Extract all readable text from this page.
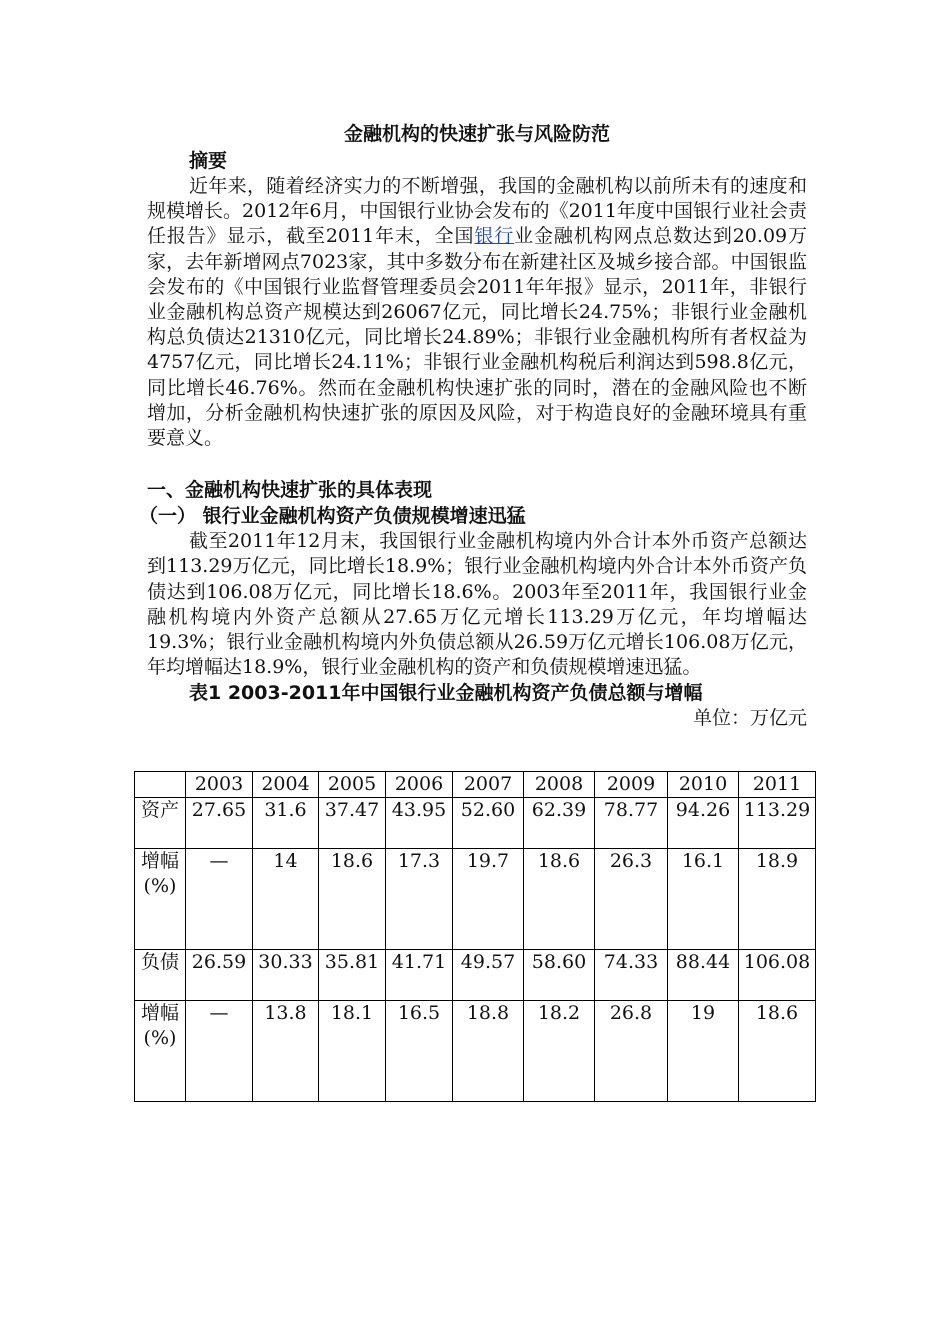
金融机构的快速扩张与风险防范

摘要

近年来，随着经济实力的不断增强，我国的金融机构以前所未有的速度和规模增长。2012年6月，中国银行业协会发布的《2011年度中国银行业社会责任报告》显示，截至2011年末，全国银行业金融机构网点总数达到20.09万家，去年新增网点7023家，其中多数分布在新建社区及城乡接合部。中国银监会发布的《中国银行业监督管理委员会2011年年报》显示，2011年，非银行业金融机构总资产规模达到26067亿元，同比增长24.75%；非银行业金融机构总负债达21310亿元，同比增长24.89%；非银行业金融机构所有者权益为4757亿元，同比增长24.11%；非银行业金融机构税后利润达到598.8亿元，同比增长46.76%。然而在金融机构快速扩张的同时，潜在的金融风险也不断增加，分析金融机构快速扩张的原因及风险，对于构造良好的金融环境具有重要意义。

一、金融机构快速扩张的具体表现

（一） 银行业金融机构资产负债规模增速迅猛

截至2011年12月末，我国银行业金融机构境内外合计本外币资产总额达到113.29万亿元，同比增长18.9%；银行业金融机构境内外合计本外币资产负债达到106.08万亿元，同比增长18.6%。2003年至2011年，我国银行业金融机构境内外资产总额从27.65万亿元增长113.29万亿元，年均增幅达19.3%；银行业金融机构境内外负债总额从26.59万亿元增长106.08万亿元，年均增幅达18.9%，银行业金融机构的资产和负债规模增速迅猛。

表1 2003-2011年中国银行业金融机构资产负债总额与增幅

单位：万亿元

	2003	2004	2005	2006	2007	2008	2009	2010	2011
资产	27.65	31.6	37.47	43.95	52.60	62.39	78.77	94.26	113.29
增幅(%)	—	14	18.6	17.3	19.7	18.6	26.3	16.1	18.9
负债	26.59	30.33	35.81	41.71	49.57	58.60	74.33	88.44	106.08
增幅(%)	—	13.8	18.1	16.5	18.8	18.2	26.8	19	18.6
